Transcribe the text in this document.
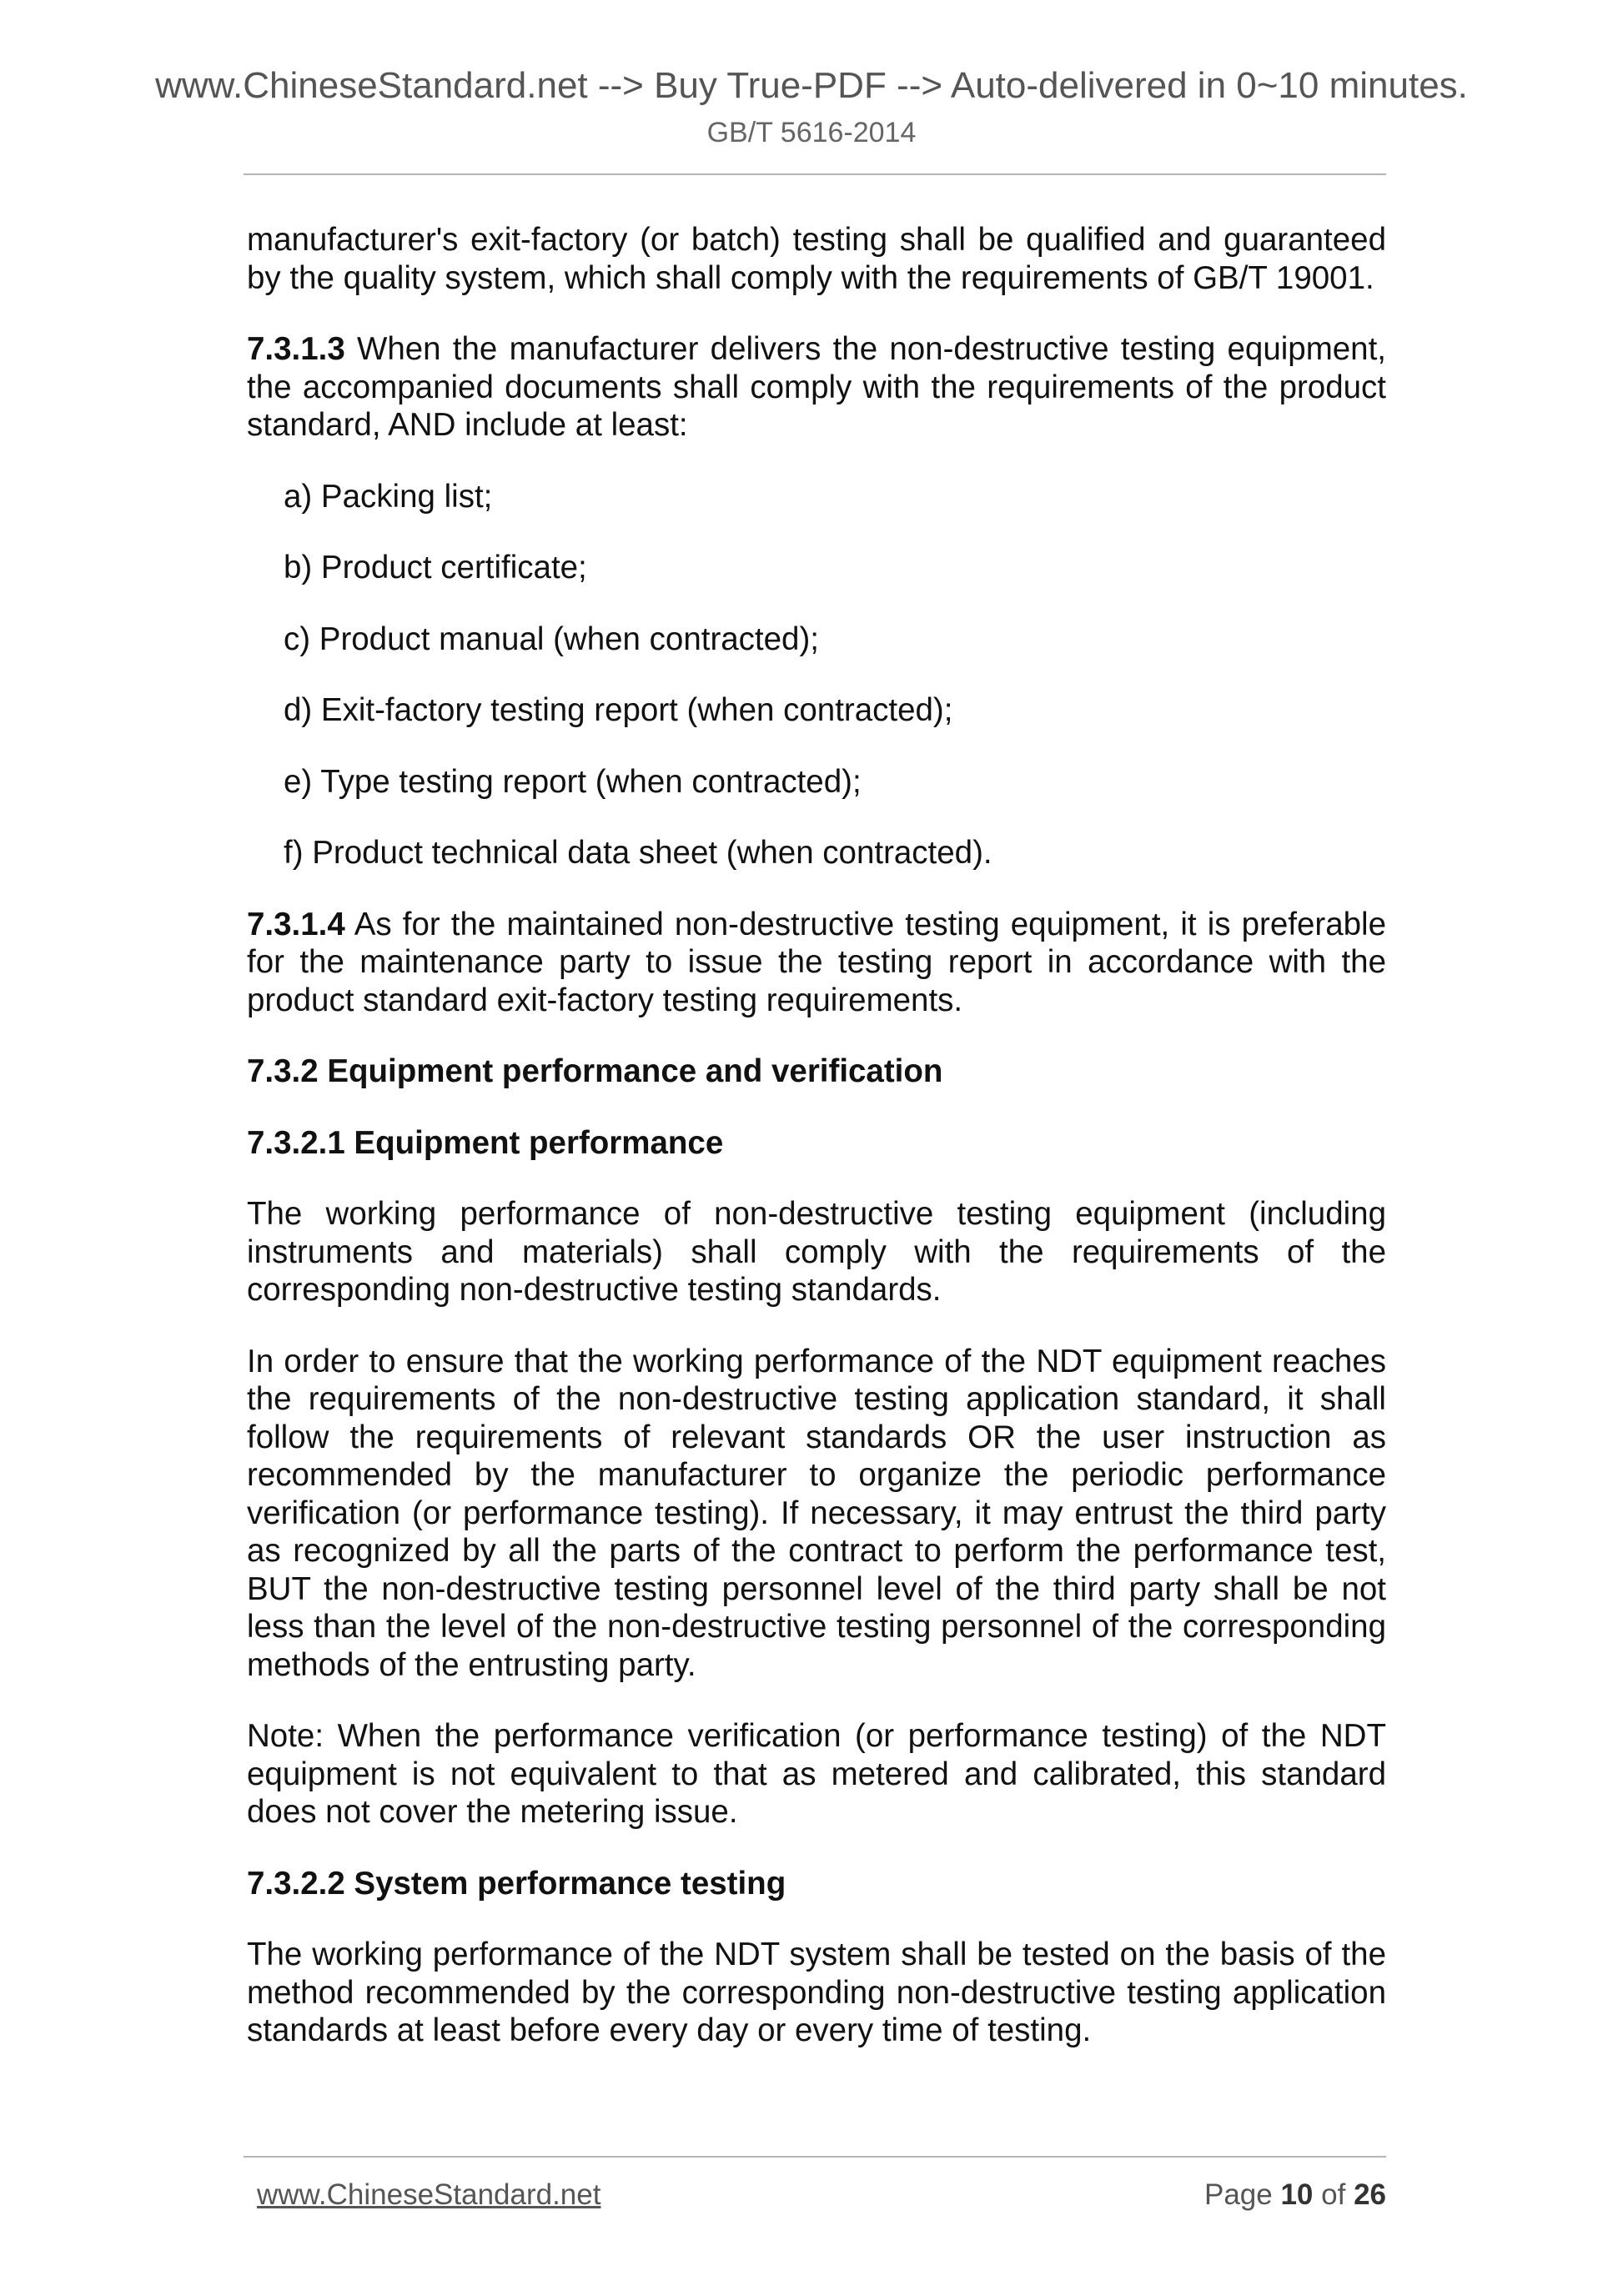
www.ChineseStandard.net --> Buy True-PDF --> Auto-delivered in 0~10 minutes.
GB/T 5616-2014

manufacturer's exit-factory (or batch) testing shall be qualified and guaranteed by the quality system, which shall comply with the requirements of GB/T 19001.

7.3.1.3 When the manufacturer delivers the non-destructive testing equipment, the accompanied documents shall comply with the requirements of the product standard, AND include at least:

a) Packing list;
b) Product certificate;
c) Product manual (when contracted);
d) Exit-factory testing report (when contracted);
e) Type testing report (when contracted);
f) Product technical data sheet (when contracted).

7.3.1.4 As for the maintained non-destructive testing equipment, it is preferable for the maintenance party to issue the testing report in accordance with the product standard exit-factory testing requirements.

7.3.2 Equipment performance and verification
7.3.2.1 Equipment performance

The working performance of non-destructive testing equipment (including instruments and materials) shall comply with the requirements of the corresponding non-destructive testing standards.

In order to ensure that the working performance of the NDT equipment reaches the requirements of the non-destructive testing application standard, it shall follow the requirements of relevant standards OR the user instruction as recommended by the manufacturer to organize the periodic performance verification (or performance testing). If necessary, it may entrust the third party as recognized by all the parts of the contract to perform the performance test, BUT the non-destructive testing personnel level of the third party shall be not less than the level of the non-destructive testing personnel of the corresponding methods of the entrusting party.

Note: When the performance verification (or performance testing) of the NDT equipment is not equivalent to that as metered and calibrated, this standard does not cover the metering issue.

7.3.2.2 System performance testing

The working performance of the NDT system shall be tested on the basis of the method recommended by the corresponding non-destructive testing application standards at least before every day or every time of testing.

www.ChineseStandard.net	Page 10 of 26
